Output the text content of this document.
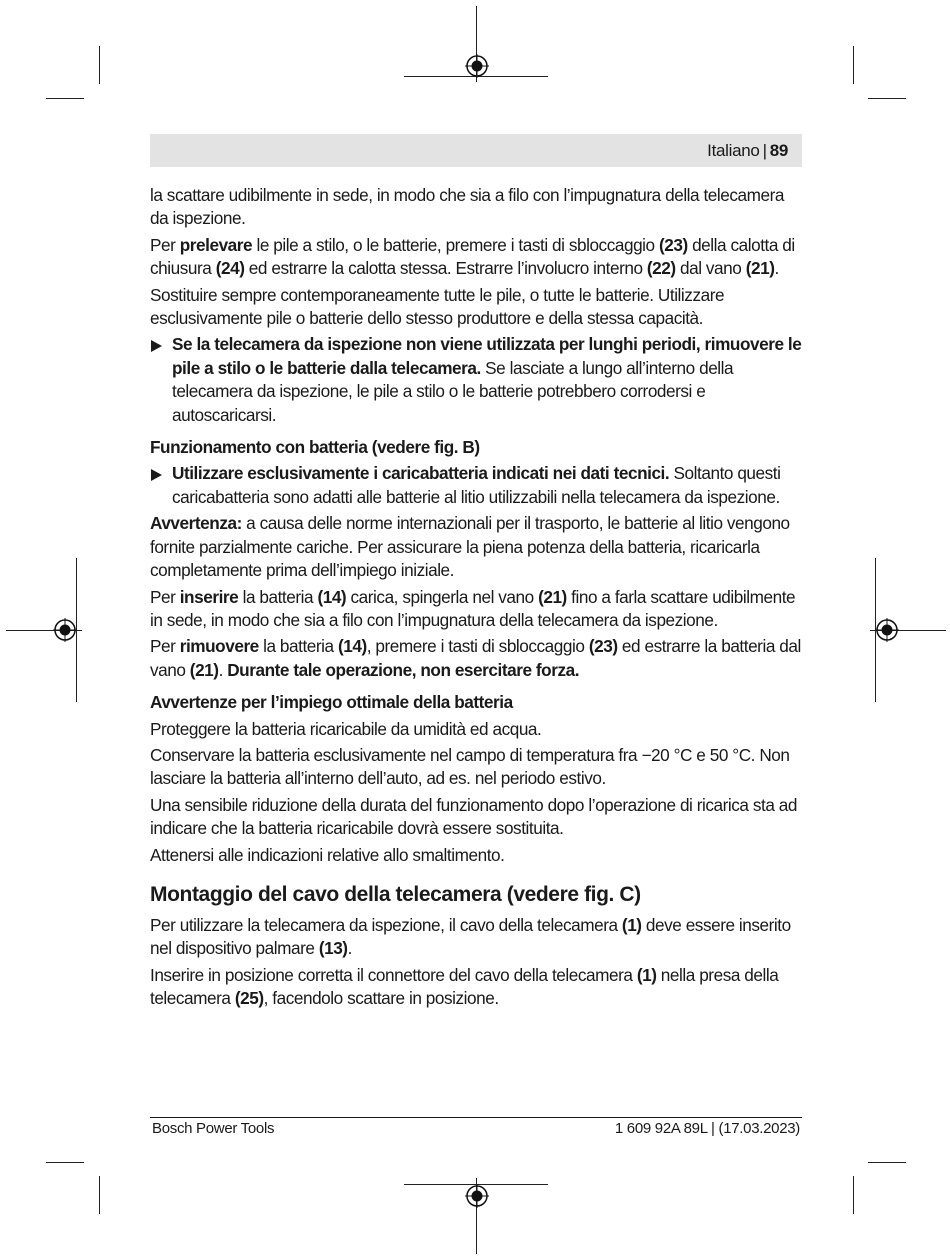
Italiano | 89

la scattare udibilmente in sede, in modo che sia a filo con l’impugnatura della telecamera da ispezione.

Per prelevare le pile a stilo, o le batterie, premere i tasti di sbloccaggio (23) della calotta di chiusura (24) ed estrarre la calotta stessa. Estrarre l’involucro interno (22) dal vano (21).

Sostituire sempre contemporaneamente tutte le pile, o tutte le batterie. Utilizzare esclusivamente pile o batterie dello stesso produttore e della stessa capacità.

Se la telecamera da ispezione non viene utilizzata per lunghi periodi, rimuovere le pile a stilo o le batterie dalla telecamera. Se lasciate a lungo all’interno della telecamera da ispezione, le pile a stilo o le batterie potrebbero corrodersi e autoscaricarsi.
Funzionamento con batteria (vedere fig. B)
Utilizzare esclusivamente i caricabatteria indicati nei dati tecnici. Soltanto questi caricabatteria sono adatti alle batterie al litio utilizzabili nella telecamera da ispezione.

Avvertenza: a causa delle norme internazionali per il trasporto, le batterie al litio vengono fornite parzialmente cariche. Per assicurare la piena potenza della batteria, ricaricarla completamente prima dell’impiego iniziale.

Per inserire la batteria (14) carica, spingerla nel vano (21) fino a farla scattare udibilmente in sede, in modo che sia a filo con l’impugnatura della telecamera da ispezione.

Per rimuovere la batteria (14), premere i tasti di sbloccaggio (23) ed estrarre la batteria dal vano (21). Durante tale operazione, non esercitare forza.

Avvertenze per l’impiego ottimale della batteria

Proteggere la batteria ricaricabile da umidità ed acqua.

Conservare la batteria esclusivamente nel campo di temperatura fra −20 °C e 50 °C. Non lasciare la batteria all’interno dell’auto, ad es. nel periodo estivo.

Una sensibile riduzione della durata del funzionamento dopo l’operazione di ricarica sta ad indicare che la batteria ricaricabile dovrà essere sostituita.

Attenersi alle indicazioni relative allo smaltimento.

Montaggio del cavo della telecamera (vedere fig. C)

Per utilizzare la telecamera da ispezione, il cavo della telecamera (1) deve essere inserito nel dispositivo palmare (13).

Inserire in posizione corretta il connettore del cavo della telecamera (1) nella presa della telecamera (25), facendolo scattare in posizione.

Bosch Power Tools	1 609 92A 89L | (17.03.2023)
